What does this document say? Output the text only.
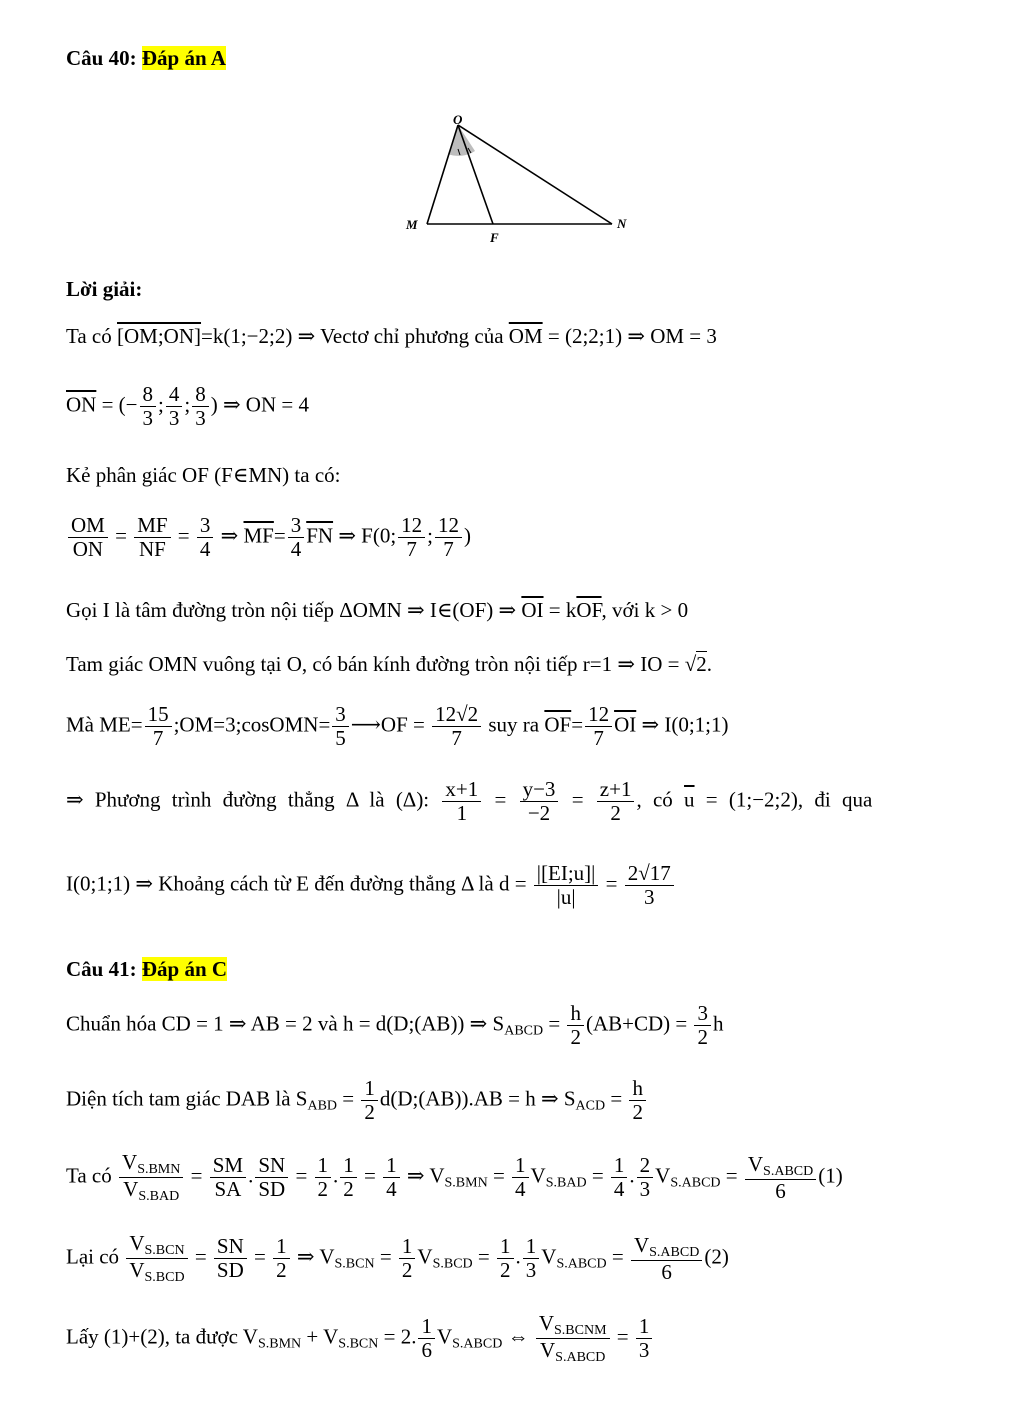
Câu 40: Đáp án A
O
M
F
N
Lời giải:
Ta có [OM;ON]=k(1;−2;2) ⇒ Vectơ chỉ phương của $\overline{OM}$ = (2;2;1) ⇒ OM = 3
$\overline{ON}$ = (− $\frac{8}{3}$ ; $\frac{4}{3}$ ; $\frac{8}{3}$ ) ⇒ ON = 4
Kẻ phân giác OF (F∈MN) ta có:
$\frac{OM}{ON} = \frac{MF}{NF} = \frac{3}{4}$ ⇒ $\overline{MF}= \frac{3}{4} \overline{FN}$ ⇒ F(0; $\frac{12}{7}$ ; $\frac{12}{7}$ )
Gọi I là tâm đường tròn nội tiếp ΔOMN ⇒ I∈(OF) ⇒ $\overline{OI} = k\overline{OF}$, với k > 0
Tam giác OMN vuông tại O, có bán kính đường tròn nội tiếp r=1 ⇒ IO = √2.
Mà $ME= \frac{15}{7}$ ;OM=3;cosOMN= $\frac{3}{5}$ ⟶OF = $\frac{12√2}{7}$ suy ra $\overline{OF}= \frac{12}{7} \overline{OI}$ ⇒ I(0;1;1)
⇒ Phương trình đường thẳng Δ là (Δ): $\frac{x+1}{1} = \frac{y-3}{-2} = \frac{z+1}{2}$ , có $\overline{u}$ = (1;−2;2), đi qua
I(0;1;1) ⇒ Khoảng cách từ E đến đường thẳng Δ là $d = \frac{|[EI;u]|}{|u|} = \frac{2√17}{3}$
Câu 41: Đáp án C
Chuẩn hóa CD = 1 ⇒ AB = 2 và h = d(D;(AB)) ⇒ $S_{ABCD} = \frac{h}{2} (AB+CD) = \frac{3}{2}$ h
Diện tích tam giác DAB là $S_{ABD} = \frac{1}{2}$ d(D;(AB)).AB = h ⇒ $S_{ACD} = \frac{h}{2}$
Ta có $\frac{V_{S.BMN}}{V_{S.BAD}} = \frac{SM}{SA}$ . $\frac{SN}{SD} = \frac{1}{2}$ . $\frac{1}{2} = \frac{1}{4}$ ⇒ $V_{S.BMN} = \frac{1}{4} V_{S.BAD} = \frac{1}{4}$ . $\frac{2}{3} V_{S.ABCD} = \frac{V_{S.ABCD}}{6} (1)$
Lại có $\frac{V_{S.BCN}}{V_{S.BCD}} = \frac{SN}{SD} = \frac{1}{2}$ ⇒ $V_{S.BCN} = \frac{1}{2} V_{S.BCD} = \frac{1}{2}$ . $\frac{1}{3} V_{S.ABCD} = \frac{V_{S.ABCD}}{6} (2)$
Lấy (1)+(2), ta được $V_{S.BMN} + V_{S.BCN} = 2$. $\frac{1}{6} V_{S.ABCD}$ ⇔ $\frac{V_{S.BCNM}}{V_{S.ABCD}} = \frac{1}{3}$
